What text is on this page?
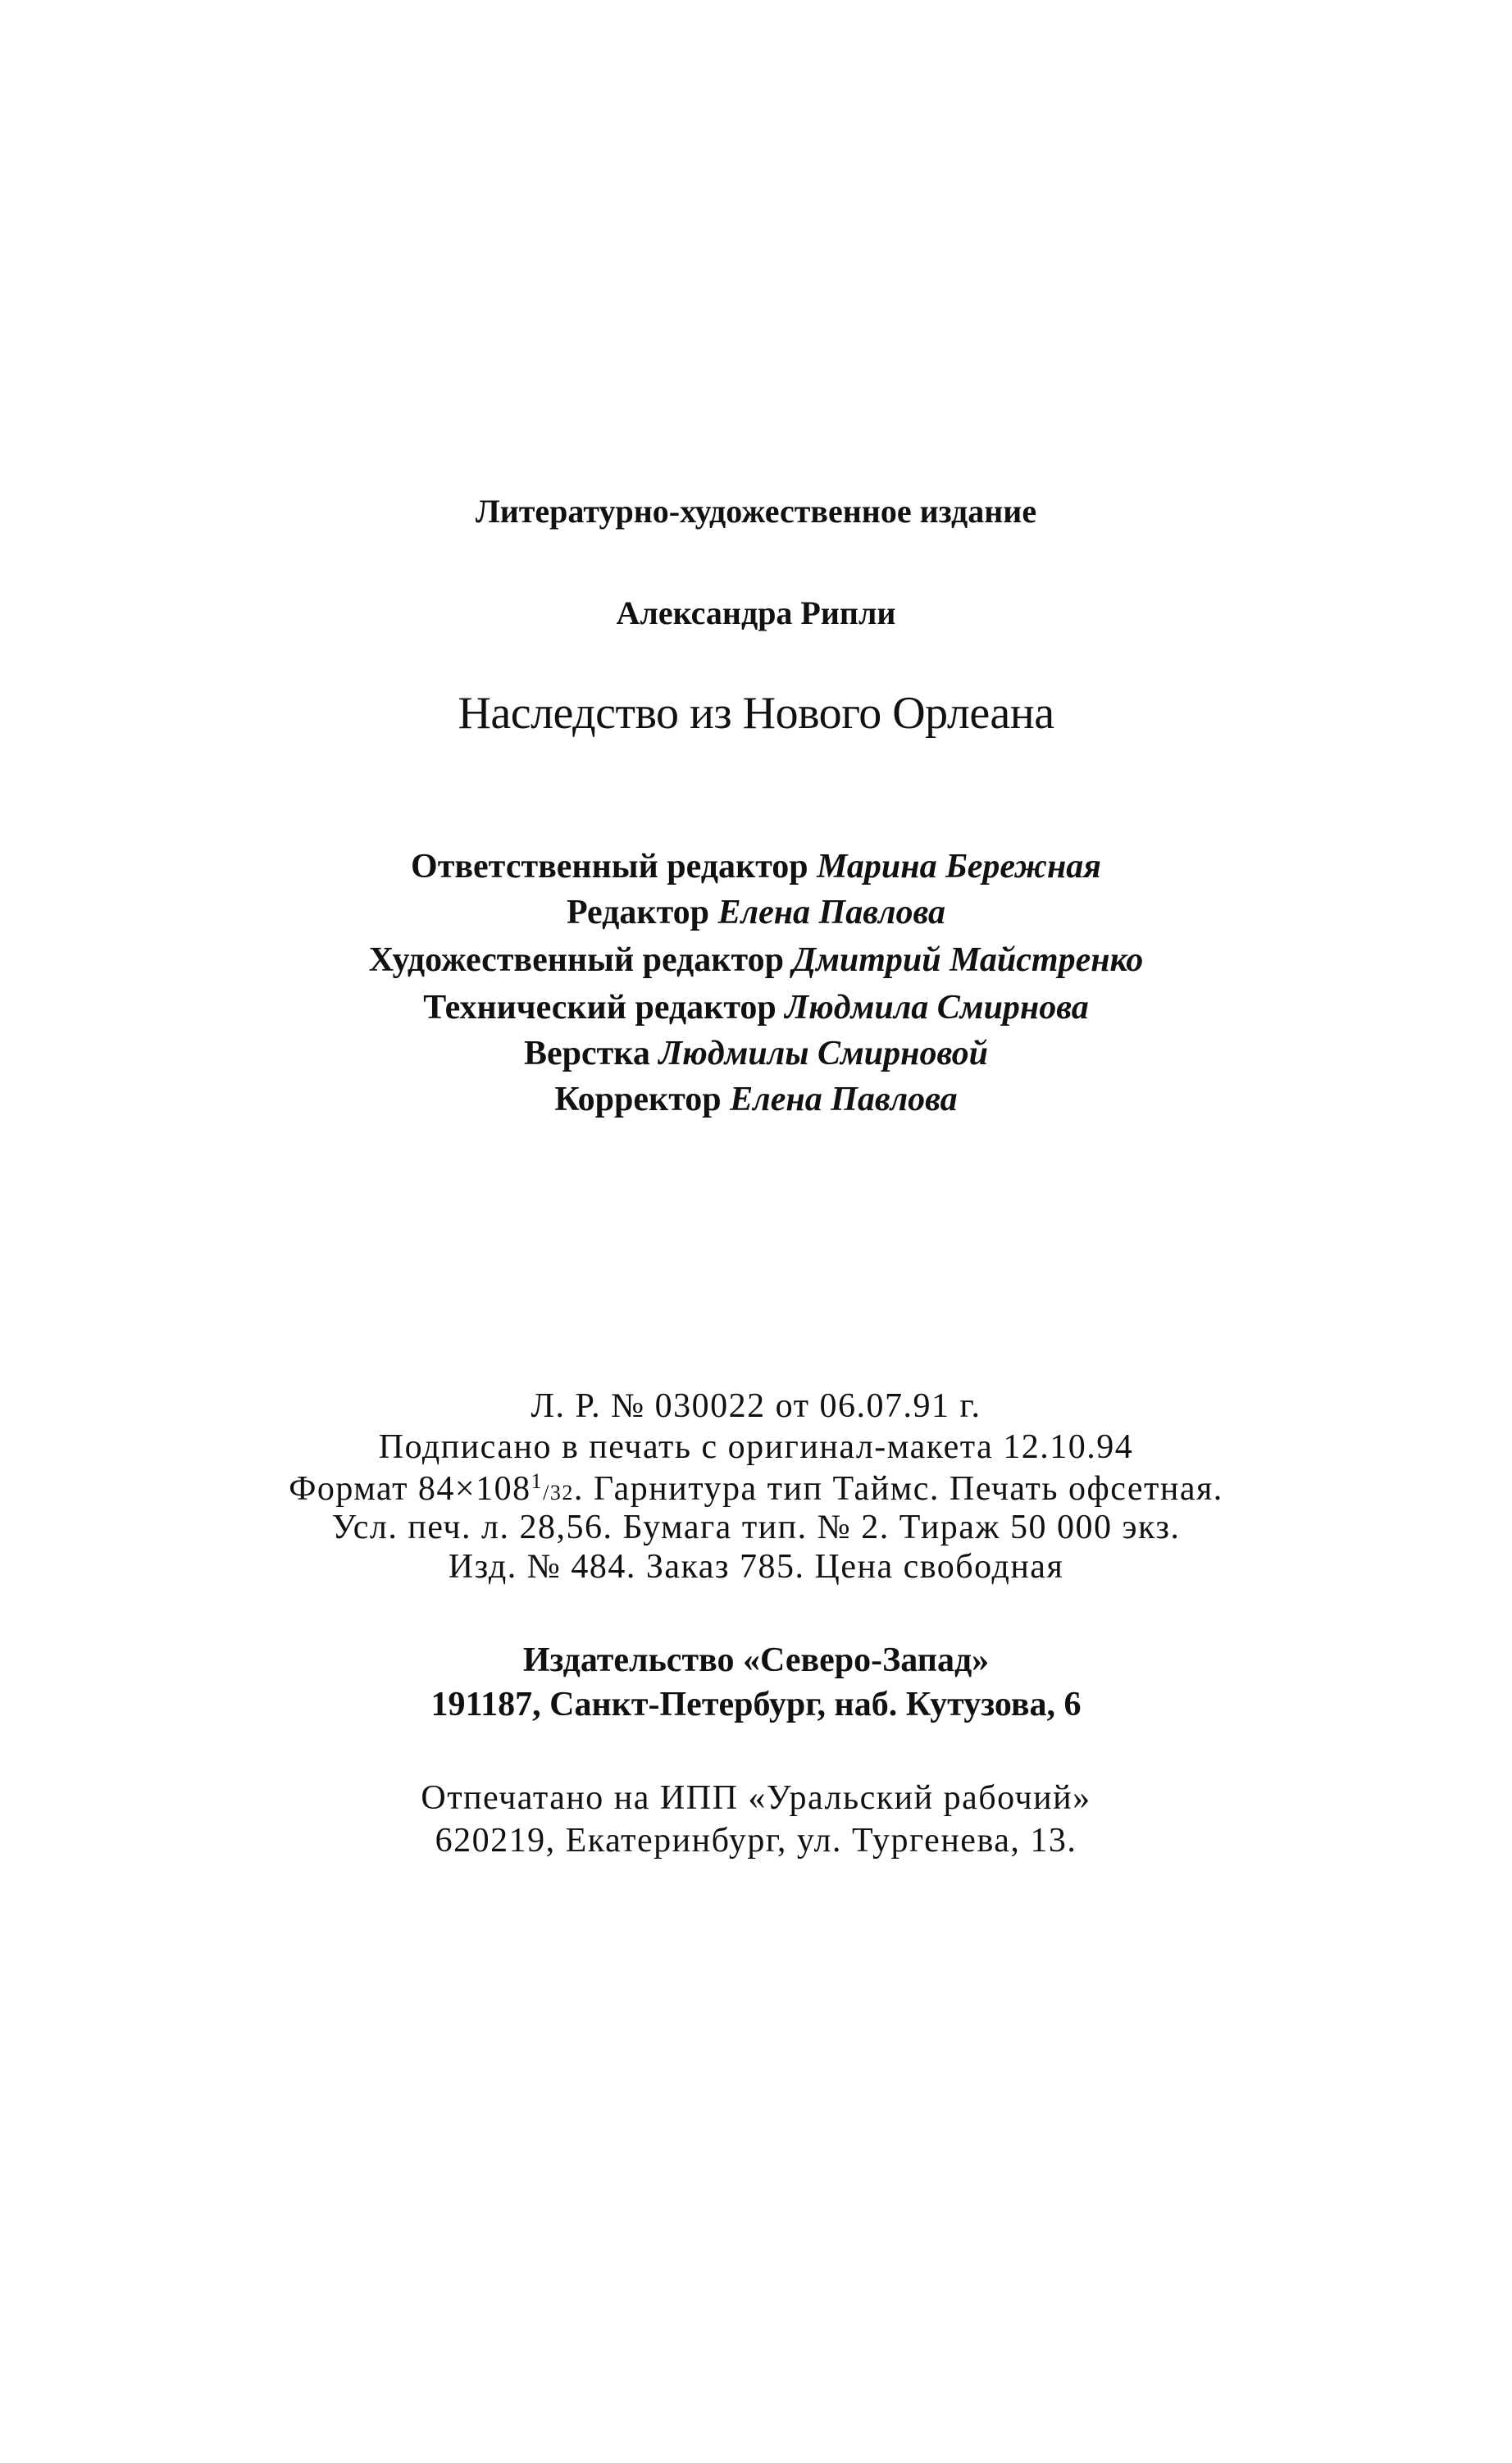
Литературно-художественное издание
Александра Рипли
Наследство из Нового Орлеана
Ответственный редактор Марина Бережная
Редактор Елена Павлова
Художественный редактор Дмитрий Майстренко
Технический редактор Людмила Смирнова
Верстка Людмилы Смирновой
Корректор Елена Павлова
Л. Р. № 030022 от 06.07.91 г.
Подписано в печать с оригинал-макета 12.10.94
Формат $84\times 108^1/32$. Гарнитура тип Таймс. Печать офсетная.
Усл. печ. л. 28,56. Бумага тип. № 2. Тираж 50 000 экз.
Изд. № 484. Заказ 785. Цена свободная
Издательство «Северо-Запад»
191187, Санкт-Петербург, наб. Кутузова, 6
Отпечатано на ИПП «Уральский рабочий»
620219, Екатеринбург, ул. Тургенева, 13.
